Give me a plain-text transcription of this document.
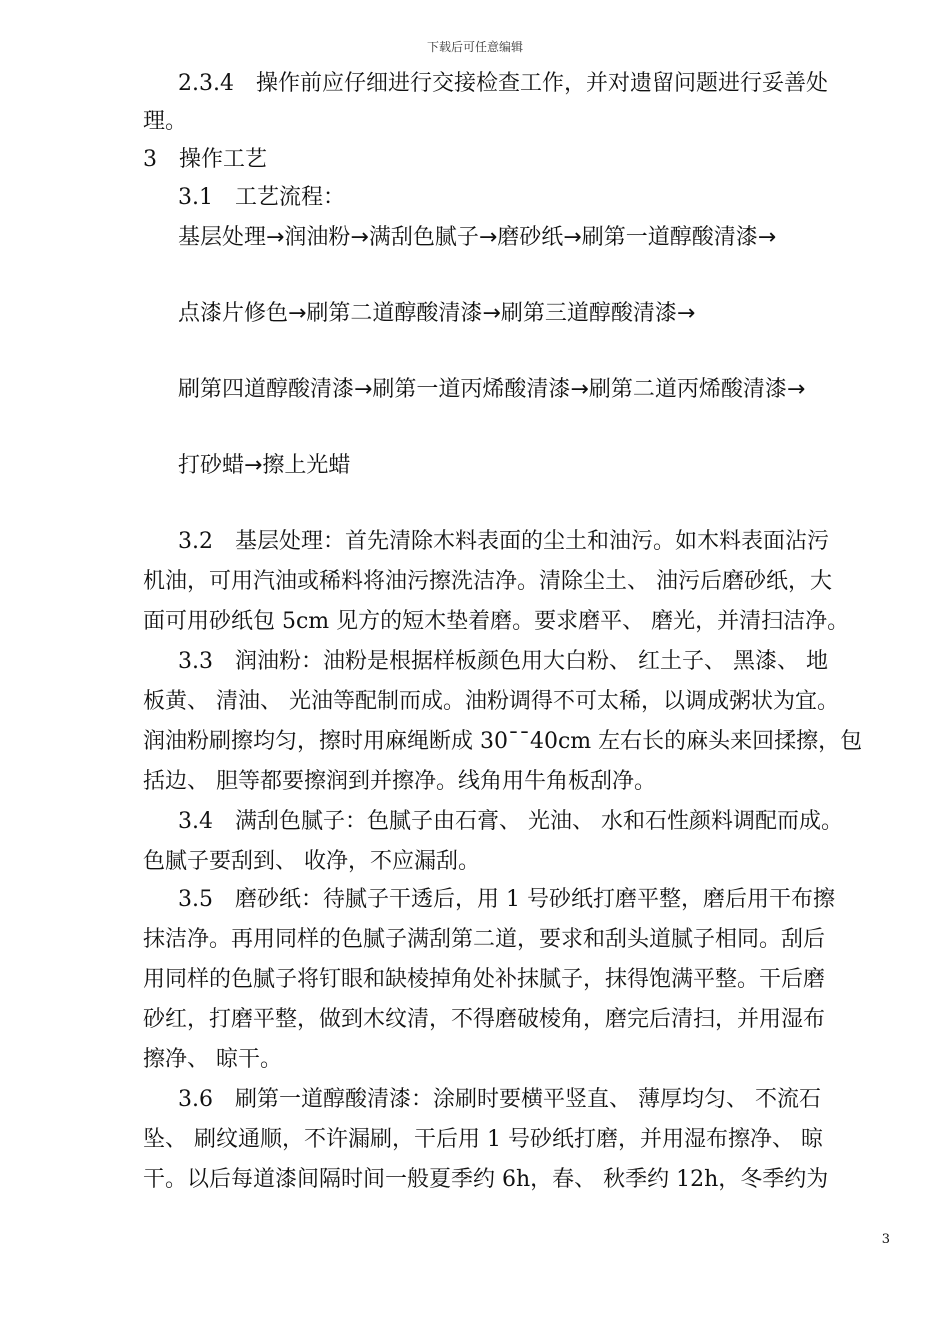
下载后可任意编辑
2.3.4　操作前应仔细进行交接检查工作，并对遗留问题进行妥善处
理。
3　操作工艺
3.1　工艺流程：
基层处理→润油粉→满刮色腻子→磨砂纸→刷第一道醇酸清漆→
点漆片修色→刷第二道醇酸清漆→刷第三道醇酸清漆→
刷第四道醇酸清漆→刷第一道丙烯酸清漆→刷第二道丙烯酸清漆→
打砂蜡→擦上光蜡
3.2　基层处理：首先清除木料表面的尘土和油污。如木料表面沾污
机油，可用汽油或稀料将油污擦洗洁净。清除尘土、 油污后磨砂纸，大
面可用砂纸包 5cm 见方的短木垫着磨。要求磨平、 磨光，并清扫洁净。
3.3　润油粉：油粉是根据样板颜色用大白粉、 红土子、 黑漆、 地
板黄、 清油、 光油等配制而成。油粉调得不可太稀，以调成粥状为宜。
润油粉刷擦均匀，擦时用麻绳断成 30¯¯40cm 左右长的麻头来回揉擦，包
括边、 胆等都要擦润到并擦净。线角用牛角板刮净。
3.4　满刮色腻子：色腻子由石膏、 光油、 水和石性颜料调配而成。
色腻子要刮到、 收净，不应漏刮。
3.5　磨砂纸：待腻子干透后，用 1 号砂纸打磨平整，磨后用干布擦
抹洁净。再用同样的色腻子满刮第二道，要求和刮头道腻子相同。刮后
用同样的色腻子将钉眼和缺棱掉角处补抹腻子，抹得饱满平整。干后磨
砂红，打磨平整，做到木纹清，不得磨破棱角，磨完后清扫，并用湿布
擦净、 晾干。
3.6　刷第一道醇酸清漆：涂刷时要横平竖直、 薄厚均匀、 不流石
坠、 刷纹通顺，不许漏刷，干后用 1 号砂纸打磨，并用湿布擦净、 晾
干。以后每道漆间隔时间一般夏季约 6h，春、 秋季约 12h，冬季约为
3
